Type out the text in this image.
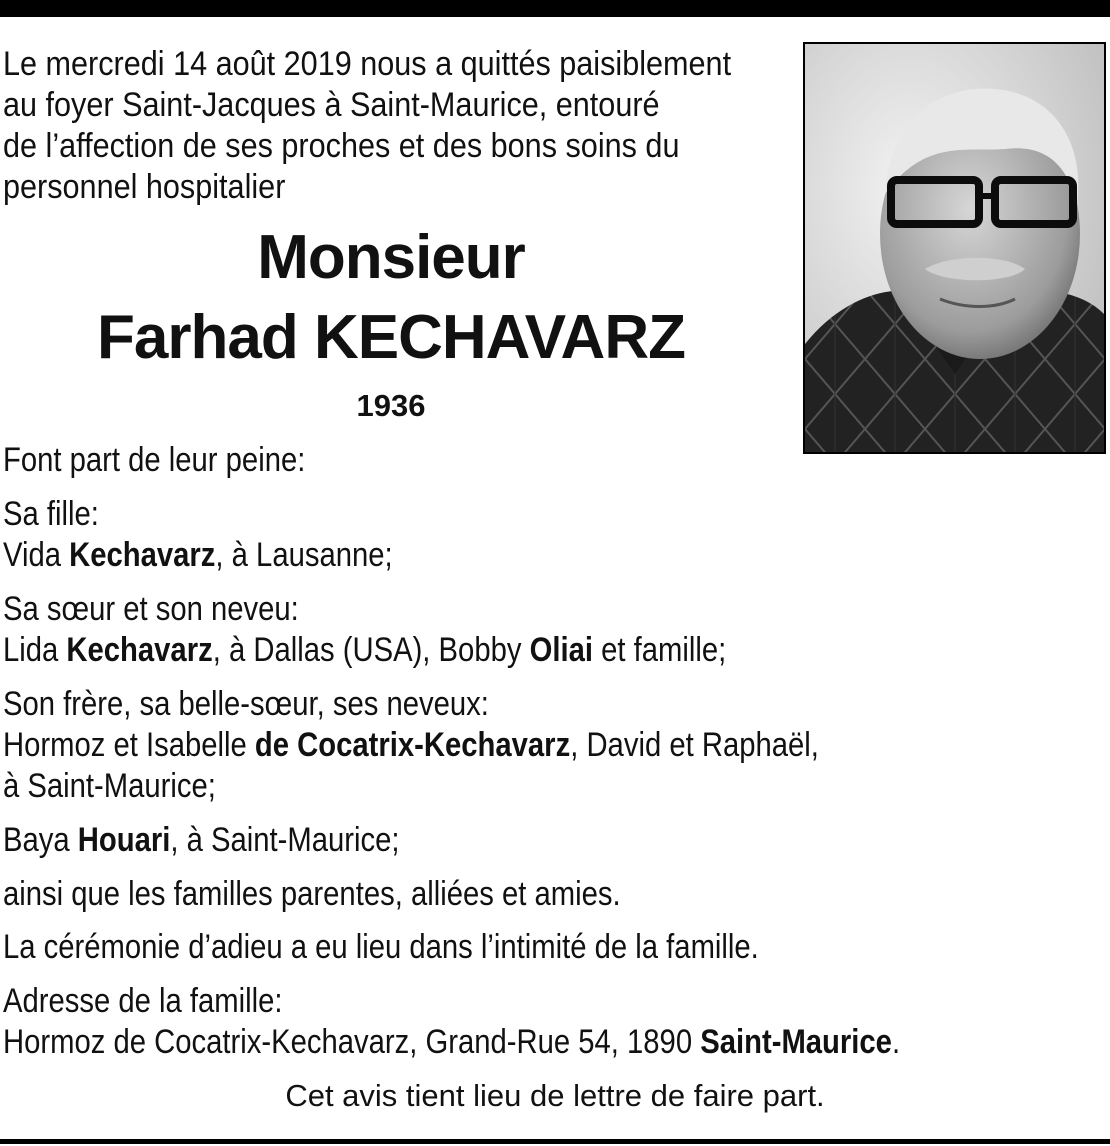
Le mercredi 14 août 2019 nous a quittés paisiblement
au foyer Saint-Jacques à Saint-Maurice, entouré
de l’affection de ses proches et des bons soins du
personnel hospitalier
Monsieur
Farhad KECHAVARZ
1936
Font part de leur peine:
Sa fille:
Vida Kechavarz, à Lausanne;
Sa sœur et son neveu:
Lida Kechavarz, à Dallas (USA), Bobby Oliai et famille;
Son frère, sa belle-sœur, ses neveux:
Hormoz et Isabelle de Cocatrix-Kechavarz, David et Raphaël,
à Saint-Maurice;
Baya Houari, à Saint-Maurice;
ainsi que les familles parentes, alliées et amies.
La cérémonie d’adieu a eu lieu dans l’intimité de la famille.
Adresse de la famille:
Hormoz de Cocatrix-Kechavarz, Grand-Rue 54, 1890 Saint-Maurice.
Cet avis tient lieu de lettre de faire part.
